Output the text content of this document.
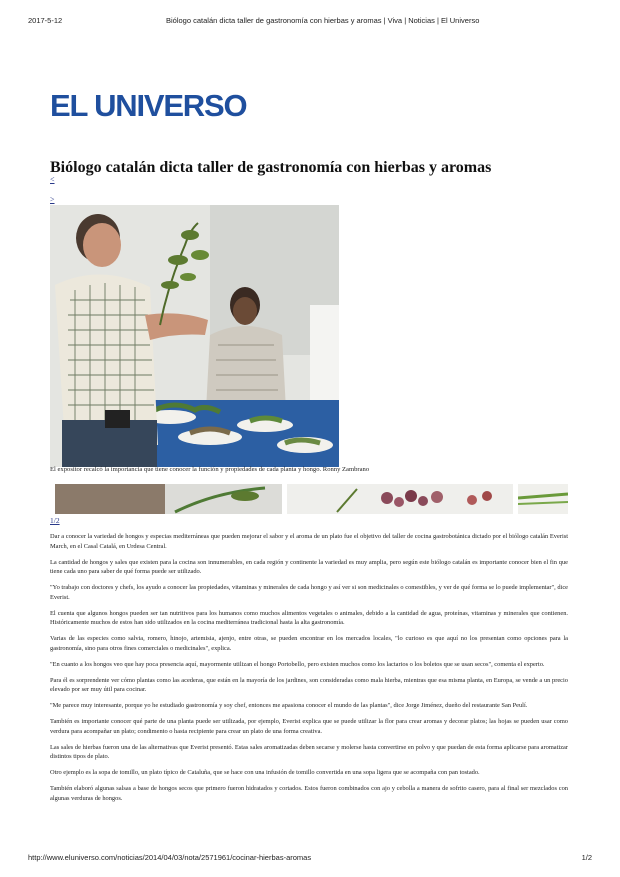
2017-5-12	Biólogo catalán dicta taller de gastronomía con hierbas y aromas | Viva | Noticias | El Universo
EL UNIVERSO
Biólogo catalán dicta taller de gastronomía con hierbas y aromas
<
>
El expositor recalcó la importancia que tiene conocer la función y propiedades de cada planta y hongo. Ronny Zambrano
1/2

Dar a conocer la variedad de hongos y especias mediterráneas que pueden mejorar el sabor y el aroma de un plato fue el objetivo del taller de cocina gastrobotánica dictado por el biólogo catalán Everist March, en el Casal Catalá, en Urdesa Central.

La cantidad de hongos y sales que existen para la cocina son innumerables, en cada región y continente la variedad es muy amplia, pero según este biólogo catalán es importante conocer bien el fin que tiene cada uno para saber de qué forma puede ser utilizado.

"Yo trabajo con doctores y chefs, los ayudo a conocer las propiedades, vitaminas y minerales de cada hongo y así ver si son medicinales o comestibles, y ver de qué forma se lo puede implementar", dice Everist.

El cuenta que algunos hongos pueden ser tan nutritivos para los humanos como muchos alimentos vegetales o animales, debido a la cantidad de agua, proteínas, vitaminas y minerales que contienen. Históricamente muchos de estos han sido utilizados en la cocina mediterránea tradicional hasta la alta gastronomía.

Varias de las especies como salvia, romero, hinojo, artemisia, ajenjo, entre otras, se pueden encontrar en los mercados locales, "lo curioso es que aquí no los presentan como opciones para la gastronomía, sino para otros fines comerciales o medicinales", explica.

"En cuanto a los hongos veo que hay poca presencia aquí, mayormente utilizan el hongo Portobello, pero existen muchos como los lactarios o los boletos que se usan secos", comenta el experto.

Para él es sorprendente ver cómo plantas como las acederas, que están en la mayoría de los jardines, son consideradas como mala hierba, mientras que esa misma planta, en Europa, se vende a un precio elevado por ser muy útil para cocinar.

"Me parece muy interesante, porque yo he estudiado gastronomía y soy chef, entonces me apasiona conocer el mundo de las plantas", dice Jorge Jiménez, dueño del restaurante San Peulí.

También es importante conocer qué parte de una planta puede ser utilizada, por ejemplo, Everist explica que se puede utilizar la flor para crear aromas y decorar platos; las hojas se pueden usar como verdura para acompañar un plato; condimento o hasta recipiente para crear un plato de una forma creativa.

Las sales de hierbas fueron una de las alternativas que Everist presentó. Estas sales aromatizadas deben secarse y molerse hasta convertirse en polvo y que puedan de esta forma aplicarse para aromatizar distintos tipos de plato.

Otro ejemplo es la sopa de tomillo, un plato típico de Cataluña, que se hace con una infusión de tomillo convertida en una sopa ligera que se acompaña con pan tostado.

También elaboró algunas salsas a base de hongos secos que primero fueron hidratados y cortados. Estos fueron combinados con ajo y cebolla a manera de sofrito casero, para al final ser mezclados con algunas verduras de hongos.

http://www.eluniverso.com/noticias/2014/04/03/nota/2571961/cocinar-hierbas-aromas	1/2
